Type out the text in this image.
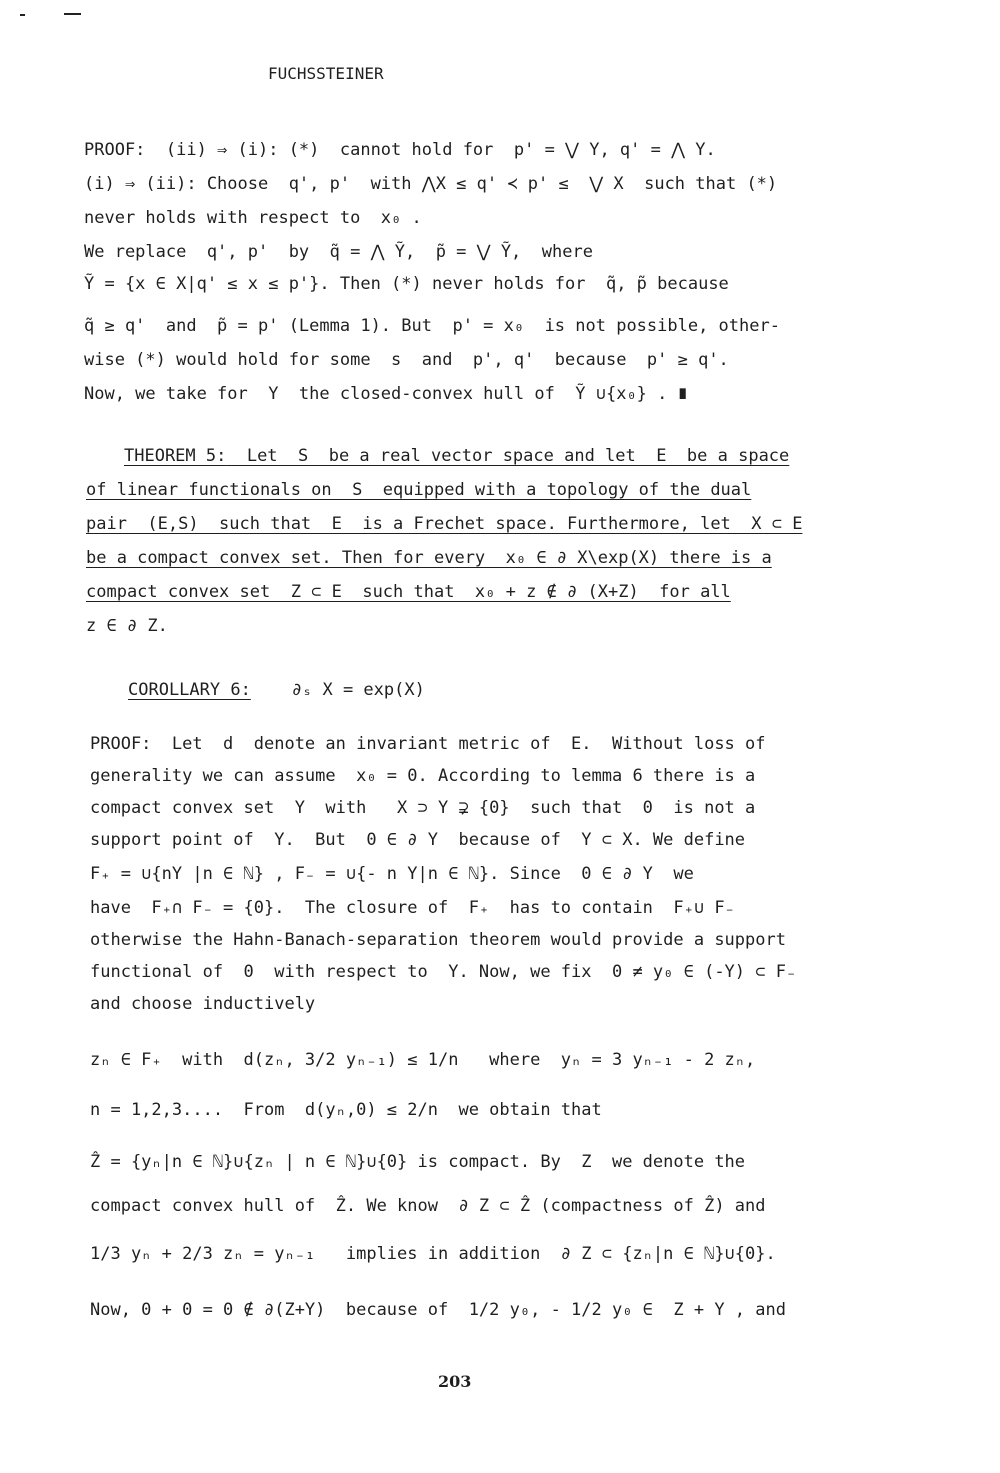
FUCHSSTEINER
PROOF:  (ii) ⇒ (i): (*)  cannot hold for  p' = ⋁ Y, q' = ⋀ Y.
(i) ⇒ (ii): Choose  q', p'  with ⋀X ≤ q' ≺ p' ≤  ⋁ X  such that (*)
never holds with respect to  x₀ .
We replace  q', p'  by  q̃ = ⋀ Ỹ,  p̃ = ⋁ Ỹ,  where
Ỹ = {x ∈ X|q' ≤ x ≤ p'}. Then (*) never holds for  q̃, p̃ because
q̃ ≥ q'  and  p̃ = p' (Lemma 1). But  p' = x₀  is not possible, other-
wise (*) would hold for some  s  and  p', q'  because  p' ≥ q'.
Now, we take for  Y  the closed-convex hull of  Ỹ ∪{x₀} . ∎
THEOREM 5:  Let  S  be a real vector space and let  E  be a space
of linear functionals on  S  equipped with a topology of the dual
pair  (E,S)  such that  E  is a Frechet space. Furthermore, let  X ⊂ E
be a compact convex set. Then for every  x₀ ∈ ∂ X\exp(X) there is a
compact convex set  Z ⊂ E  such that  x₀ + z ∉ ∂ (X+Z)  for all
z ∈ ∂ Z.
COROLLARY 6:    ∂ₛ X = exp(X)
PROOF:  Let  d  denote an invariant metric of  E.  Without loss of
generality we can assume  x₀ = 0. According to lemma 6 there is a
compact convex set  Y  with   X ⊃ Y ⊋ {0}  such that  0  is not a
support point of  Y.  But  0 ∈ ∂ Y  because of  Y ⊂ X. We define
F₊ = ∪{nY |n ∈ ℕ} , F₋ = ∪{- n Y|n ∈ ℕ}. Since  0 ∈ ∂ Y  we
have  F₊∩ F₋ = {0}.  The closure of  F₊  has to contain  F₊∪ F₋
otherwise the Hahn-Banach-separation theorem would provide a support
functional of  0  with respect to  Y. Now, we fix  0 ≠ y₀ ∈ (-Y) ⊂ F₋
and choose inductively
zₙ ∈ F₊  with  d(zₙ, 3/2 yₙ₋₁) ≤ 1/n   where  yₙ = 3 yₙ₋₁ - 2 zₙ,
n = 1,2,3....  From  d(yₙ,0) ≤ 2/n  we obtain that
Ẑ = {yₙ|n ∈ ℕ}∪{zₙ | n ∈ ℕ}∪{0} is compact. By  Z  we denote the
compact convex hull of  Ẑ. We know  ∂ Z ⊂ Ẑ (compactness of Ẑ) and
1/3 yₙ + 2/3 zₙ = yₙ₋₁   implies in addition  ∂ Z ⊂ {zₙ|n ∈ ℕ}∪{0}.
Now, 0 + 0 = 0 ∉ ∂(Z+Y)  because of  1/2 y₀, - 1/2 y₀ ∈  Z + Y , and
203
